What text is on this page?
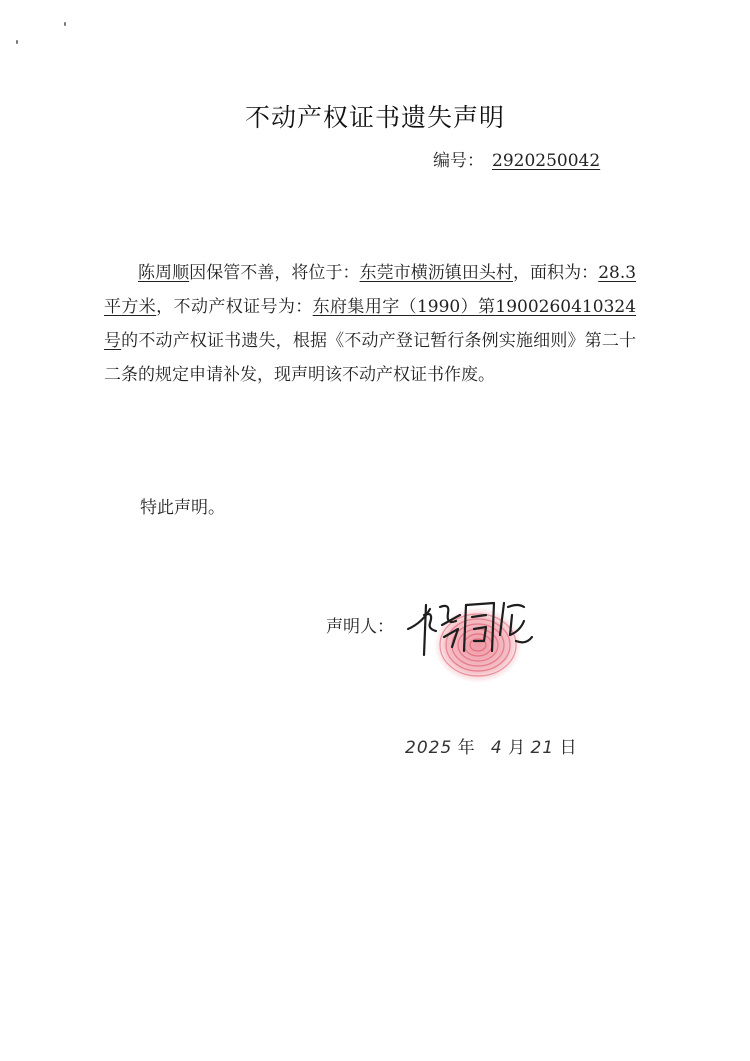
不动产权证书遗失声明
编号： 2920250042

陈周顺因保管不善，将位于：东莞市横沥镇田头村，面积为：28.3 平方米，不动产权证号为：东府集用字（1990）第1900260410324 号的不动产权证书遗失，根据《不动产登记暂行条例实施细则》第二十二条的规定申请补发，现声明该不动产权证书作废。

特此声明。
声明人：
2025 年 4 月 21 日
